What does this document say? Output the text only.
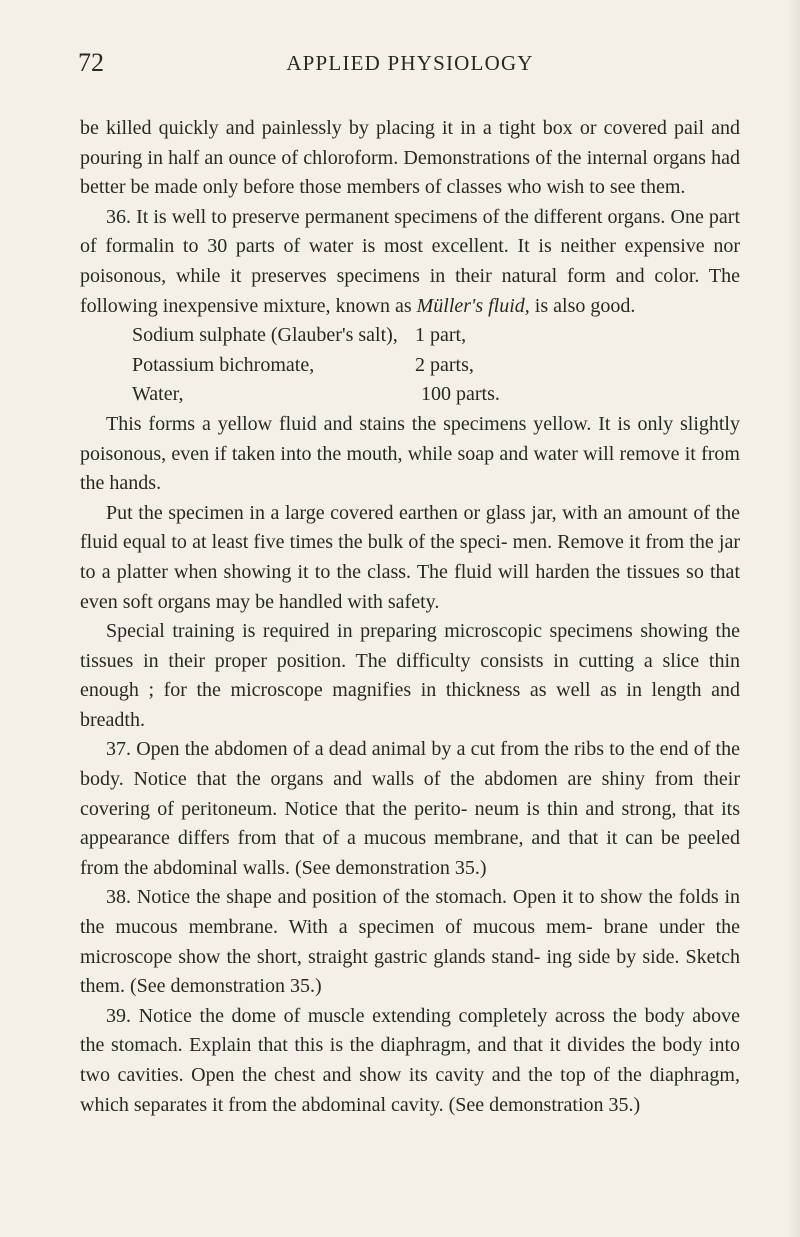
72	APPLIED PHYSIOLOGY

be killed quickly and painlessly by placing it in a tight box or covered pail and pouring in half an ounce of chloroform. Demonstrations of the internal organs had better be made only before those members of classes who wish to see them.

36. It is well to preserve permanent specimens of the different organs. One part of formalin to 30 parts of water is most excellent. It is neither expensive nor poisonous, while it preserves specimens in their natural form and color. The following inexpensive mixture, known as Müller's fluid, is also good.

Sodium sulphate (Glauber's salt), 1 part,
Potassium bichromate,	2 parts,
Water,	100 parts.

This forms a yellow fluid and stains the specimens yellow. It is only slightly poisonous, even if taken into the mouth, while soap and water will remove it from the hands.

Put the specimen in a large covered earthen or glass jar, with an amount of the fluid equal to at least five times the bulk of the speci- men. Remove it from the jar to a platter when showing it to the class. The fluid will harden the tissues so that even soft organs may be handled with safety.

Special training is required in preparing microscopic specimens showing the tissues in their proper position. The difficulty consists in cutting a slice thin enough ; for the microscope magnifies in thickness as well as in length and breadth.

37. Open the abdomen of a dead animal by a cut from the ribs to the end of the body. Notice that the organs and walls of the abdomen are shiny from their covering of peritoneum. Notice that the perito- neum is thin and strong, that its appearance differs from that of a mucous membrane, and that it can be peeled from the abdominal walls. (See demonstration 35.)

38. Notice the shape and position of the stomach. Open it to show the folds in the mucous membrane. With a specimen of mucous mem- brane under the microscope show the short, straight gastric glands stand- ing side by side. Sketch them. (See demonstration 35.)

39. Notice the dome of muscle extending completely across the body above the stomach. Explain that this is the diaphragm, and that it divides the body into two cavities. Open the chest and show its cavity and the top of the diaphragm, which separates it from the abdominal cavity. (See demonstration 35.)
